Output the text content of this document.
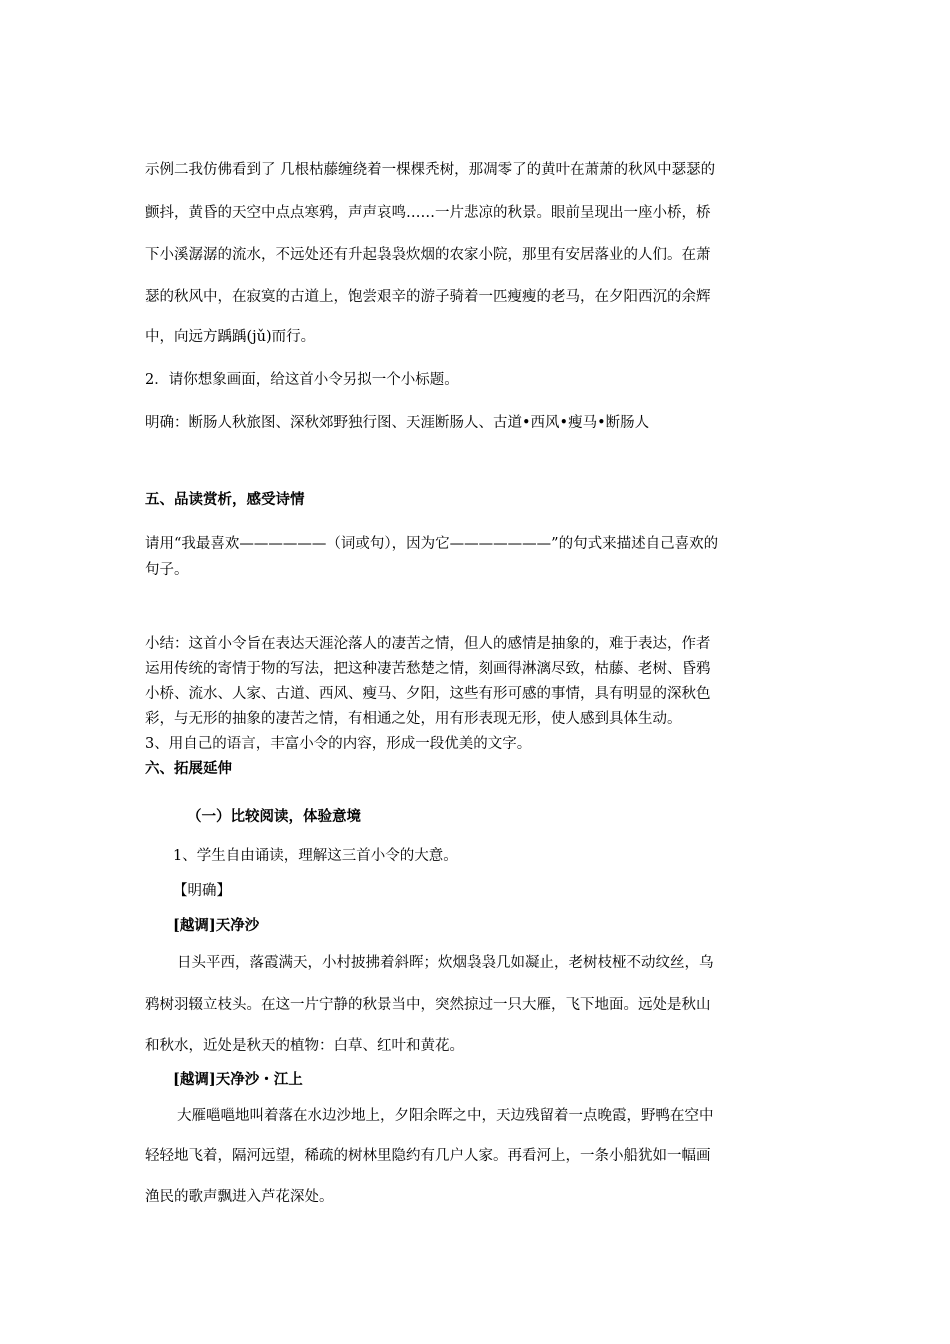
示例二我仿佛看到了 几根枯藤缠绕着一棵棵秃树，那凋零了的黄叶在萧萧的秋风中瑟瑟的
颤抖，黄昏的天空中点点寒鸦，声声哀鸣……一片悲凉的秋景。眼前呈现出一座小桥，桥
下小溪潺潺的流水，不远处还有升起袅袅炊烟的农家小院，那里有安居落业的人们。在萧
瑟的秋风中，在寂寞的古道上，饱尝艰辛的游子骑着一匹瘦瘦的老马，在夕阳西沉的余辉
中，向远方踽踽(jǔ)而行。
2．请你想象画面，给这首小令另拟一个小标题。
明确：断肠人秋旅图、深秋郊野独行图、天涯断肠人、古道•西风•瘦马•断肠人
五、品读赏析，感受诗情
请用“我最喜欢——————（词或句），因为它———————”的句式来描述自己喜欢的
句子。
小结：这首小令旨在表达天涯沦落人的凄苦之情，但人的感情是抽象的，难于表达，作者
运用传统的寄情于物的写法，把这种凄苦愁楚之情，刻画得淋漓尽致，枯藤、老树、昏鸦
小桥、流水、人家、古道、西风、瘦马、夕阳，这些有形可感的事情，具有明显的深秋色
彩，与无形的抽象的凄苦之情，有相通之处，用有形表现无形，使人感到具体生动。
3、用自己的语言，丰富小令的内容，形成一段优美的文字。
六、拓展延伸
（一）比较阅读，体验意境
1、学生自由诵读，理解这三首小令的大意。
【明确】
[越调]天净沙
日头平西，落霞满天，小村披拂着斜晖；炊烟袅袅几如凝止，老树枝桠不动纹丝，乌
鸦树羽辍立枝头。在这一片宁静的秋景当中，突然掠过一只大雁，飞下地面。远处是秋山
和秋水，近处是秋天的植物：白草、红叶和黄花。
[越调]天净沙・江上
大雁嗈嗈地叫着落在水边沙地上，夕阳余晖之中，天边残留着一点晚霞，野鸭在空中
轻轻地飞着，隔河远望，稀疏的树林里隐约有几户人家。再看河上，一条小船犹如一幅画
渔民的歌声飘进入芦花深处。
